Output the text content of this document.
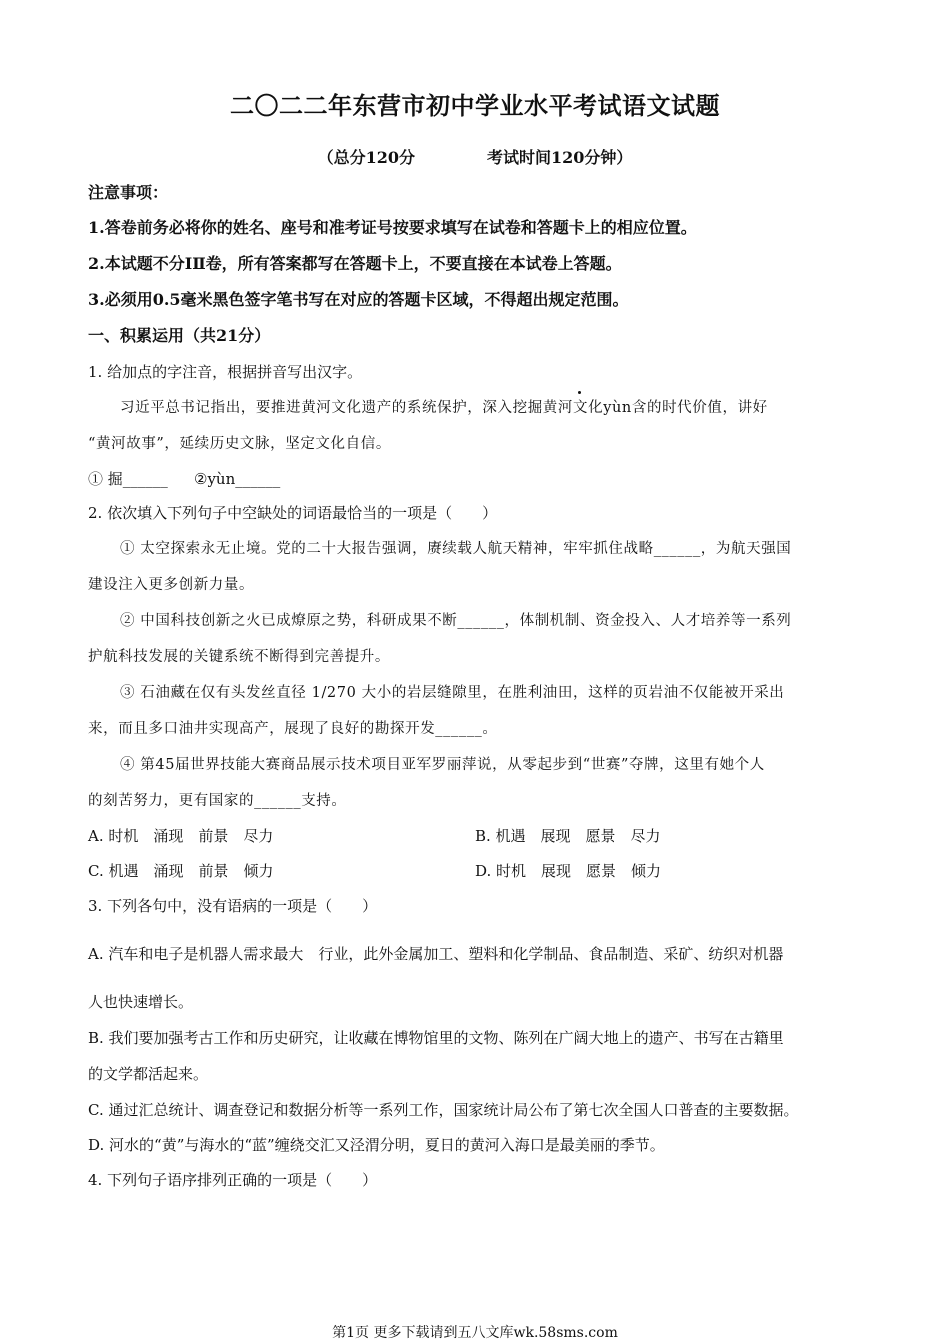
二〇二二年东营市初中学业水平考试语文试题
（总分120分	考试时间120分钟）
注意事项：
1.答卷前务必将你的姓名、座号和准考证号按要求填写在试卷和答题卡上的相应位置。
2.本试题不分ⅠⅡ卷，所有答案都写在答题卡上，不要直接在本试卷上答题。
3.必须用0.5毫米黑色签字笔书写在对应的答题卡区域，不得超出规定范围。
一、积累运用（共21分）
1. 给加点的字注音，根据拼音写出汉字。
习近平总书记指出，要推进黄河文化遗产的系统保护，深入挖掘黄河文化yùn含的时代价值，讲好
“黄河故事”，延续历史文脉，坚定文化自信。
① 掘______ ②yùn______
2. 依次填入下列句子中空缺处的词语最恰当的一项是（　　）
① 太空探索永无止境。党的二十大报告强调，赓续载人航天精神，牢牢抓住战略______，为航天强国
建设注入更多创新力量。
② 中国科技创新之火已成燎原之势，科研成果不断______，体制机制、资金投入、人才培养等一系列
护航科技发展的关键系统不断得到完善提升。
③ 石油藏在仅有头发丝直径 1/270 大小的岩层缝隙里，在胜利油田，这样的页岩油不仅能被开采出
来，而且多口油井实现高产，展现了良好的勘探开发______。
④ 第45届世界技能大赛商品展示技术项目亚军罗丽萍说，从零起步到“世赛”夺牌，这里有她个人
的刻苦努力，更有国家的______支持。
A. 时机　涌现　前景　尽力	B. 机遇　展现　愿景　尽力
C. 机遇　涌现　前景　倾力	D. 时机　展现　愿景　倾力
3. 下列各句中，没有语病的一项是（　　）
A. 汽车和电子是机器人需求最大　行业，此外金属加工、塑料和化学制品、食品制造、采矿、纺织对机器
人也快速增长。
B. 我们要加强考古工作和历史研究，让收藏在博物馆里的文物、陈列在广阔大地上的遗产、书写在古籍里
的文学都活起来。
C. 通过汇总统计、调查登记和数据分析等一系列工作，国家统计局公布了第七次全国人口普查的主要数据。
D. 河水的“黄”与海水的“蓝”缠绕交汇又泾渭分明，夏日的黄河入海口是最美丽的季节。
4. 下列句子语序排列正确的一项是（　　）
第1页 更多下载请到五八文库wk.58sms.com
